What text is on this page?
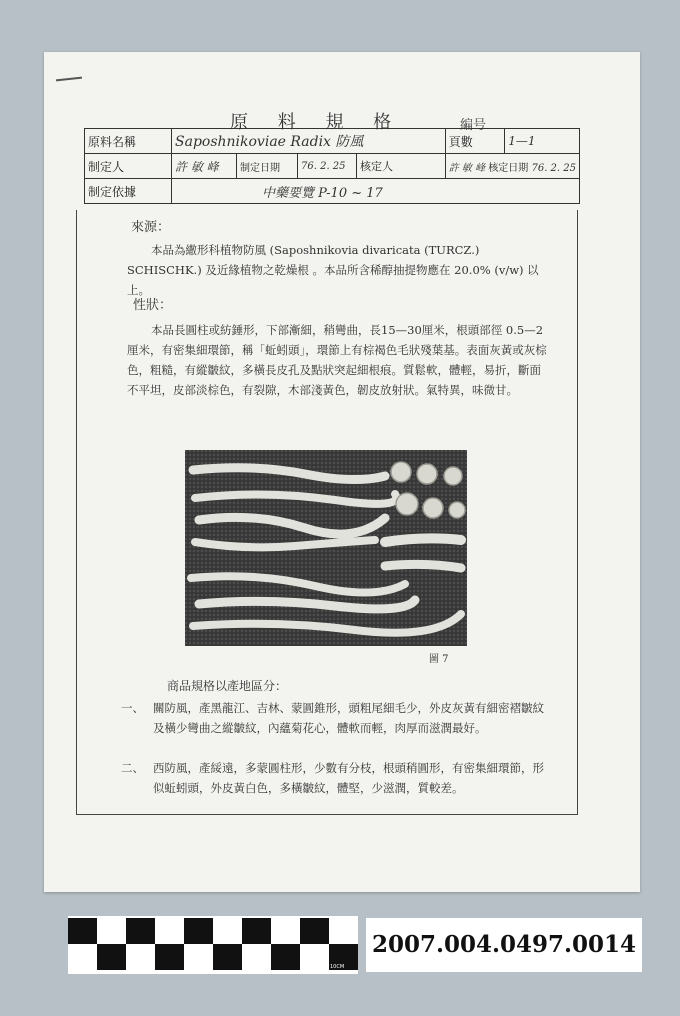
原 料 規 格	編号
原料名稱	Saposhnikoviae Radix 防風				頁數	1—1
制定人	許 敏 峰	制定日期	76. 2. 25	核定人	許 敏 峰 核定日期 76. 2. 25	
制定依據	中藥要覽 P-10 ~ 17					
來源：
本品為繖形科植物防風 (Saposhnikovia divaricata (TURCZ.) SCHISCHK.) 及近緣植物之乾燥根 。本品所含稀醇抽提物應在 20.0% (v/w) 以上。
性狀：
本品長圓柱或紡錘形，下部漸細，稍彎曲，長15—30厘米，根頭部徑 0.5—2 厘米，有密集細環節，稱「蚯蚓頭」，環節上有棕褐色毛狀殘葉基。表面灰黃或灰棕色，粗糙，有縱皺紋，多橫長皮孔及點狀突起細根痕。質鬆軟，體輕，易折，斷面不平坦，皮部淡棕色，有裂隙，木部淺黃色，韌皮放射狀。氣特異，味微甘。
圖 7
商品規格以產地區分：
一、 關防風，產黑龍江、吉林、蒙圓錐形，頭粗尾細毛少，外皮灰黃有細密褶皺紋及橫少彎曲之縱皺紋，內蘊菊花心，體軟而輕，肉厚而滋潤最好。
二、 西防風，產綏遠，多蒙圓柱形，少數有分枝，根頭稍圓形，有密集細環節，形似蚯蚓頭，外皮黃白色，多橫皺紋，體堅，少滋潤，質較差。
0CM	5CM	10CM
2007.004.0497.0014
